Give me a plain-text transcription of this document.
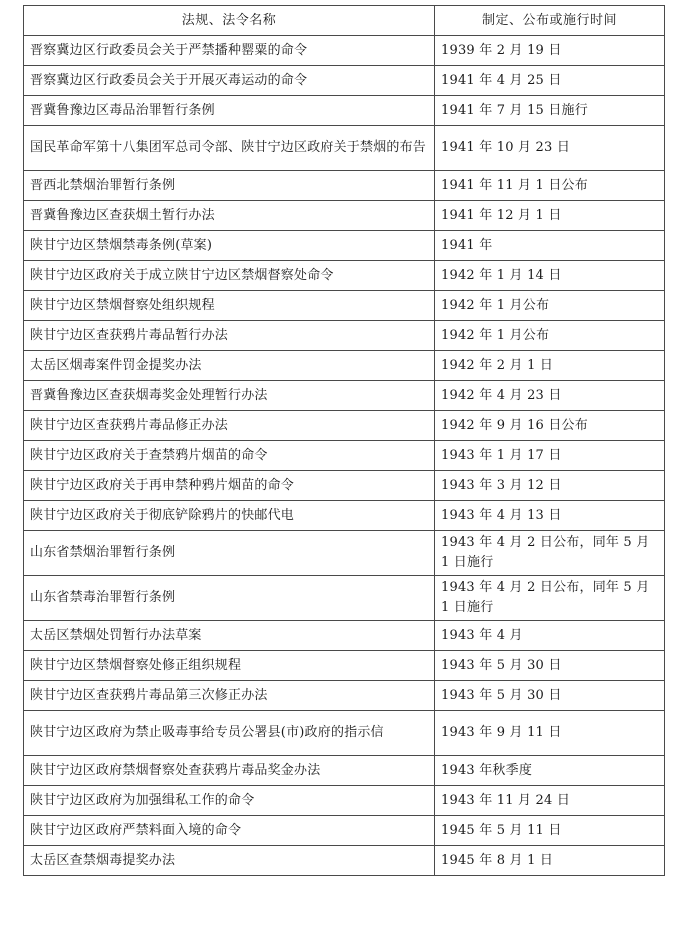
法规、法令名称	制定、公布或施行时间
晋察冀边区行政委员会关于严禁播种罂粟的命令	1939 年 2 月 19 日
晋察冀边区行政委员会关于开展灭毒运动的命令	1941 年 4 月 25 日
晋冀鲁豫边区毒品治罪暂行条例	1941 年 7 月 15 日施行
国民革命军第十八集团军总司令部、陕甘宁边区政府关于禁烟的布告	1941 年 10 月 23 日
晋西北禁烟治罪暂行条例	1941 年 11 月 1 日公布
晋冀鲁豫边区查获烟土暂行办法	1941 年 12 月 1 日
陕甘宁边区禁烟禁毒条例(草案)	1941 年
陕甘宁边区政府关于成立陕甘宁边区禁烟督察处命令	1942 年 1 月 14 日
陕甘宁边区禁烟督察处组织规程	1942 年 1 月公布
陕甘宁边区查获鸦片毒品暂行办法	1942 年 1 月公布
太岳区烟毒案件罚金提奖办法	1942 年 2 月 1 日
晋冀鲁豫边区查获烟毒奖金处理暂行办法	1942 年 4 月 23 日
陕甘宁边区查获鸦片毒品修正办法	1942 年 9 月 16 日公布
陕甘宁边区政府关于查禁鸦片烟苗的命令	1943 年 1 月 17 日
陕甘宁边区政府关于再申禁种鸦片烟苗的命令	1943 年 3 月 12 日
陕甘宁边区政府关于彻底铲除鸦片的快邮代电	1943 年 4 月 13 日
山东省禁烟治罪暂行条例	1943 年 4 月 2 日公布，同年 5 月 1 日施行
山东省禁毒治罪暂行条例	1943 年 4 月 2 日公布，同年 5 月 1 日施行
太岳区禁烟处罚暂行办法草案	1943 年 4 月
陕甘宁边区禁烟督察处修正组织规程	1943 年 5 月 30 日
陕甘宁边区查获鸦片毒品第三次修正办法	1943 年 5 月 30 日
陕甘宁边区政府为禁止吸毒事给专员公署县(市)政府的指示信	1943 年 9 月 11 日
陕甘宁边区政府禁烟督察处查获鸦片毒品奖金办法	1943 年秋季度
陕甘宁边区政府为加强缉私工作的命令	1943 年 11 月 24 日
陕甘宁边区政府严禁料面入境的命令	1945 年 5 月 11 日
太岳区查禁烟毒提奖办法	1945 年 8 月 1 日
